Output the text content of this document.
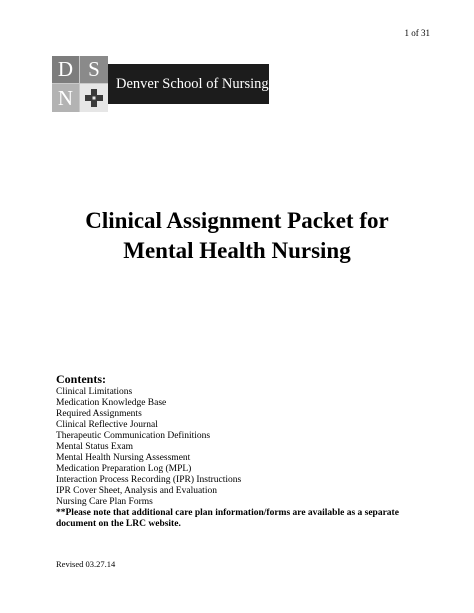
1 of 31
D S
N
Denver School of Nursing
Clinical Assignment Packet for
Mental Health Nursing
Contents:
Clinical Limitations
Medication Knowledge Base
Required Assignments
Clinical Reflective Journal
Therapeutic Communication Definitions
Mental Status Exam
Mental Health Nursing Assessment
Medication Preparation Log (MPL)
Interaction Process Recording (IPR) Instructions
IPR Cover Sheet, Analysis and Evaluation
Nursing Care Plan Forms
**Please note that additional care plan information/forms are available as a separate document on the LRC website.
Revised 03.27.14
